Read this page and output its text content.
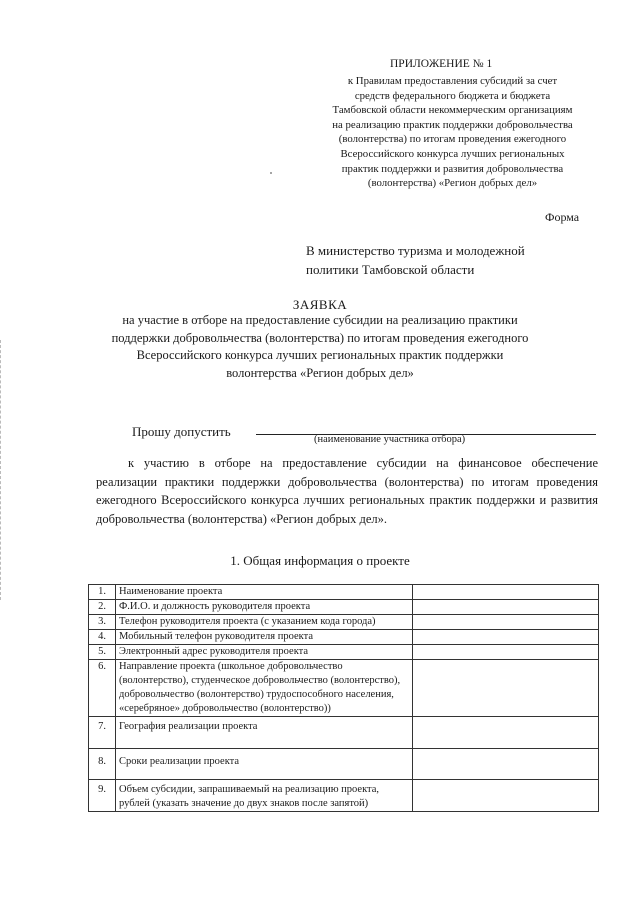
ПРИЛОЖЕНИЕ № 1
к Правилам предоставления субсидий за счет
средств федерального бюджета и бюджета
Тамбовской области некоммерческим организациям
на реализацию практик поддержки добровольчества
(волонтерства) по итогам проведения ежегодного
Всероссийского конкурса лучших региональных
практик поддержки и развития добровольчества
(волонтерства) «Регион добрых дел»
Форма
В министерство туризма и молодежной
политики Тамбовской области
ЗАЯВКА
на участие в отборе на предоставление субсидии на реализацию практики
поддержки добровольчества (волонтерства) по итогам проведения ежегодного
Всероссийского конкурса лучших региональных практик поддержки
волонтерства «Регион добрых дел»
Прошу допустить
(наименование участника отбора)
к участию в отборе на предоставление субсидии на финансовое обеспечение реализации практики поддержки добровольчества (волонтерства) по итогам проведения ежегодного Всероссийского конкурса лучших региональных практик поддержки и развития добровольчества (волонтерства) «Регион добрых дел».
1. Общая информация о проекте
1.	Наименование проекта	
2.	Ф.И.О. и должность руководителя проекта	
3.	Телефон руководителя проекта (с указанием кода города)	
4.	Мобильный телефон руководителя проекта	
5.	Электронный адрес руководителя проекта	
6.	Направление проекта (школьное добровольчество (волонтерство), студенческое добровольчество (волонтерство), добровольчество (волонтерство) трудоспособного населения, «серебряное» добровольчество (волонтерство))	
7.	География реализации проекта	
8.	Сроки реализации проекта	
9.	Объем субсидии, запрашиваемый на реализацию проекта, рублей (указать значение до двух знаков после запятой)	
